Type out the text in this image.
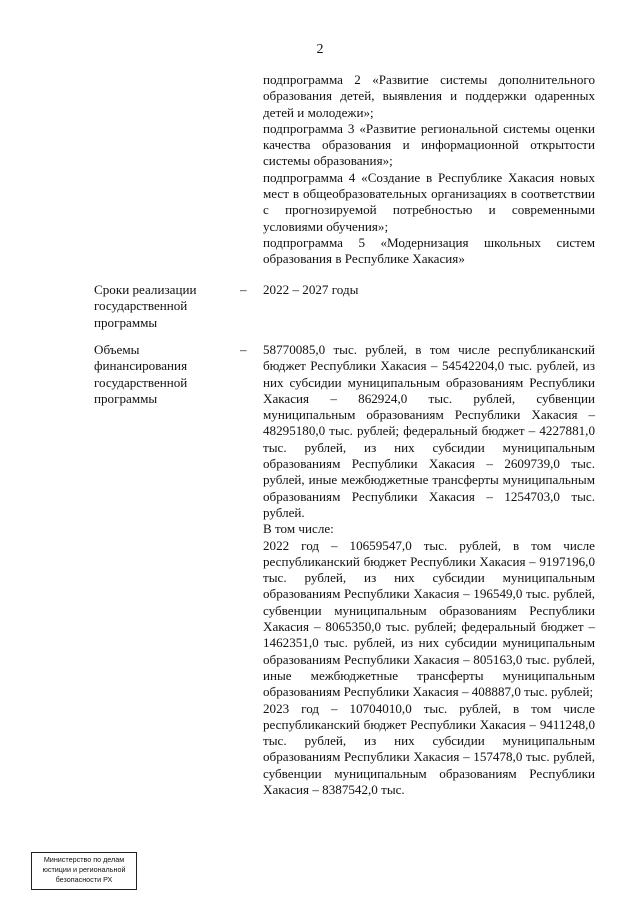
2

подпрограмма 2 «Развитие системы дополнительного образования детей, выявления и поддержки одаренных детей и молодежи»;

подпрограмма 3 «Развитие региональной системы оценки качества образования и информационной открытости системы образования»;

подпрограмма 4 «Создание в Республике Хакасия новых мест в общеобразовательных организациях в соответствии с прогнозируемой потребностью и современными условиями обучения»;

подпрограмма 5 «Модернизация школьных систем образования в Республике Хакасия»

Сроки реализации
государственной
программы
– 2022 – 2027 годы
Объемы
финансирования
государственной
программы
– 58770085,0 тыс. рублей, в том числе республиканский бюджет Республики Хакасия – 54542204,0 тыс. рублей, из них субсидии муниципальным образованиям Республики Хакасия – 862924,0 тыс. рублей, субвенции муниципальным образованиям Республики Хакасия – 48295180,0 тыс. рублей; федеральный бюджет – 4227881,0 тыс. рублей, из них субсидии муниципальным образованиям Республики Хакасия – 2609739,0 тыс. рублей, иные межбюджетные трансферты муниципальным образованиям Республики Хакасия – 1254703,0 тыс. рублей.

В том числе:

2022 год – 10659547,0 тыс. рублей, в том числе республиканский бюджет Республики Хакасия – 9197196,0 тыс. рублей, из них субсидии муниципальным образованиям Республики Хакасия – 196549,0 тыс. рублей, субвенции муниципальным образованиям Республики Хакасия – 8065350,0 тыс. рублей; федеральный бюджет – 1462351,0 тыс. рублей, из них субсидии муниципальным образованиям Республики Хакасия – 805163,0 тыс. рублей, иные межбюджетные трансферты муниципальным образованиям Республики Хакасия – 408887,0 тыс. рублей;

2023 год – 10704010,0 тыс. рублей, в том числе республиканский бюджет Республики Хакасия – 9411248,0 тыс. рублей, из них субсидии муниципальным образованиям Республики Хакасия – 157478,0 тыс. рублей, субвенции муниципальным образованиям Республики Хакасия – 8387542,0 тыс.

Министерство по делам
юстиции и региональной
безопасности РХ
